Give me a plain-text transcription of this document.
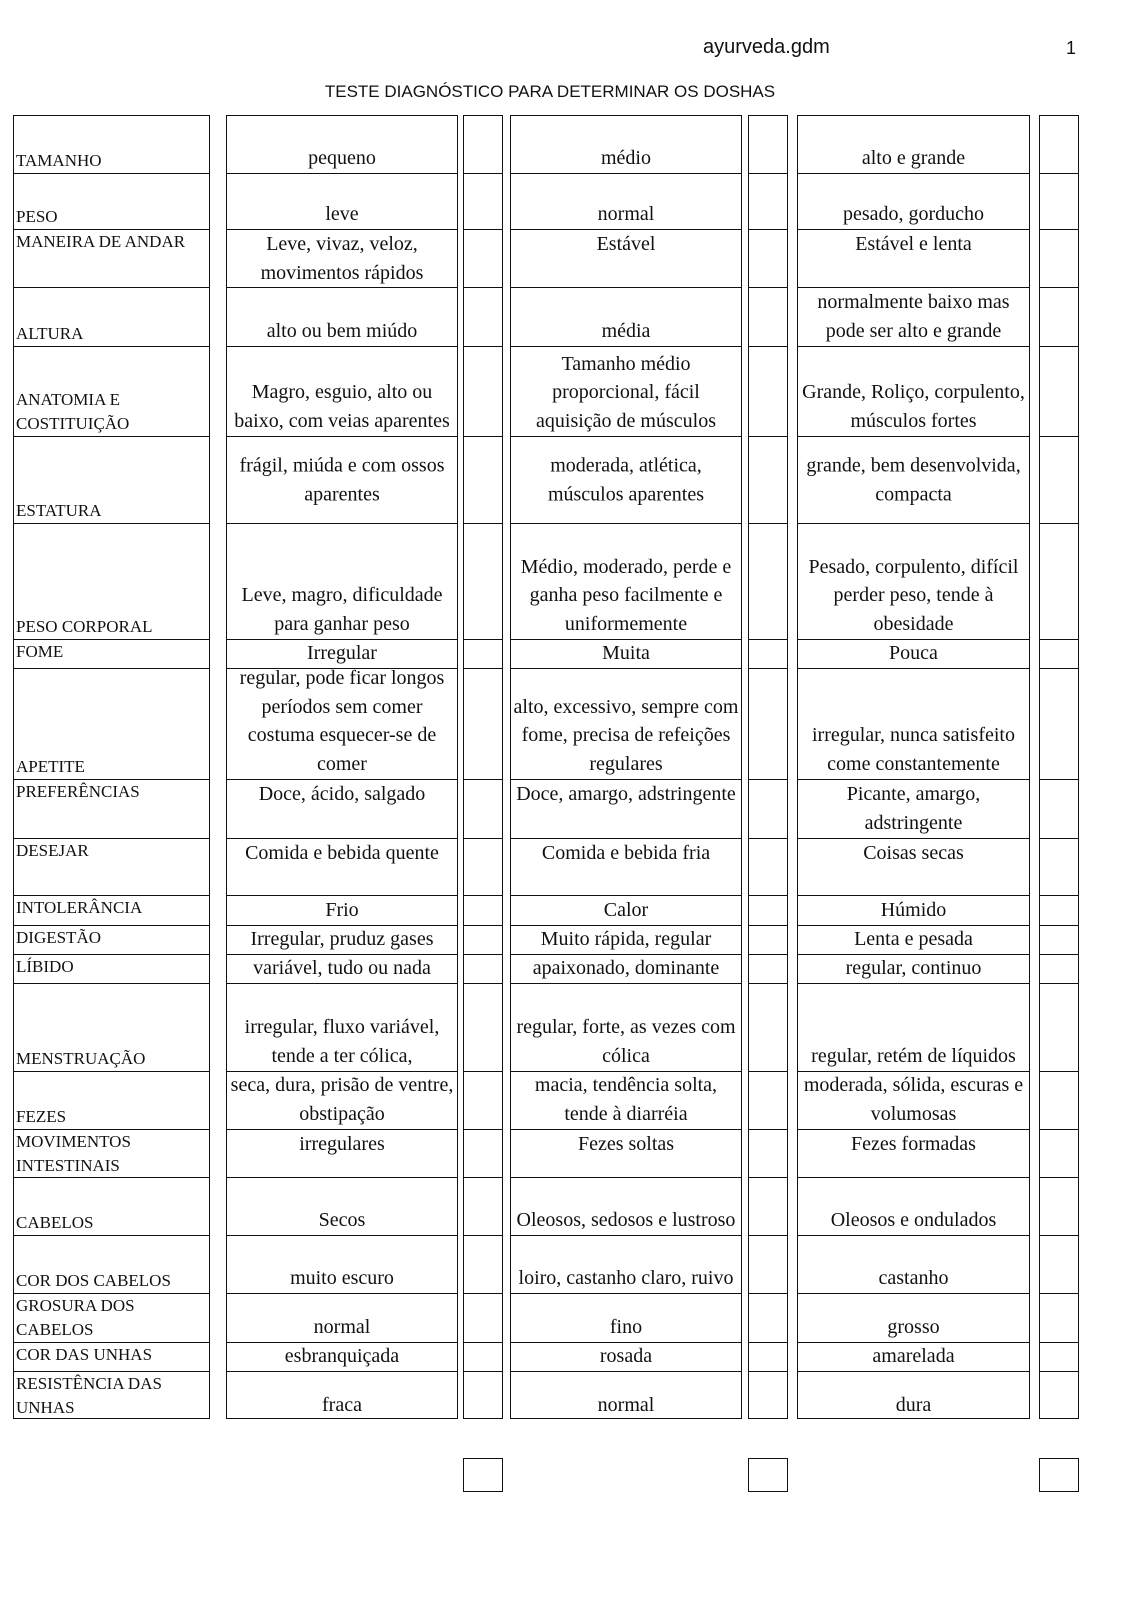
ayurveda.gdm	1
TESTE DIAGNÓSTICO PARA DETERMINAR OS DOSHAS
TAMANHO
PESO
MANEIRA DE ANDAR
ALTURA
ANATOMIA E COSTITUIÇÃO
ESTATURA
PESO CORPORAL
FOME
APETITE
PREFERÊNCIAS
DESEJAR
INTOLERÂNCIA
DIGESTÃO
LÍBIDO
MENSTRUAÇÃO
FEZES
MOVIMENTOS INTESTINAIS
CABELOS
COR DOS CABELOS
GROSURA DOS CABELOS
COR DAS UNHAS
RESISTÊNCIA DAS UNHAS
pequeno
leve
Leve, vivaz, veloz, movimentos rápidos
alto ou bem miúdo
Magro, esguio, alto ou baixo, com veias aparentes
frágil, miúda e com ossos aparentes
Leve, magro, dificuldade para ganhar peso
Irregular
regular, pode ficar longos períodos sem comer costuma esquecer-se de comer
Doce, ácido, salgado
Comida e bebida quente
Frio
Irregular, pruduz gases
variável, tudo ou nada
irregular, fluxo variável, tende a ter cólica,
seca, dura, prisão de ventre, obstipação
irregulares
Secos
muito escuro
normal
esbranquiçada
fraca
médio
normal
Estável
média
Tamanho médio proporcional, fácil aquisição de músculos
moderada, atlética, músculos aparentes
Médio, moderado, perde e ganha peso facilmente e uniformemente
Muita
alto, excessivo, sempre com fome, precisa de refeições regulares
Doce, amargo, adstringente
Comida e bebida fria
Calor
Muito rápida, regular
apaixonado, dominante
regular, forte, as vezes com cólica
macia, tendência solta, tende à diarréia
Fezes soltas
Oleosos, sedosos e lustroso
loiro, castanho claro, ruivo
fino
rosada
normal
alto e grande
pesado, gorducho
Estável e lenta
normalmente baixo mas pode ser alto e grande
Grande, Roliço, corpulento, músculos fortes
grande, bem desenvolvida, compacta
Pesado, corpulento, difícil perder peso, tende à obesidade
Pouca
irregular, nunca satisfeito come constantemente
Picante, amargo, adstringente
Coisas secas
Húmido
Lenta e pesada
regular, continuo
regular, retém de líquidos
moderada, sólida, escuras e volumosas
Fezes formadas
Oleosos e ondulados
castanho
grosso
amarelada
dura
